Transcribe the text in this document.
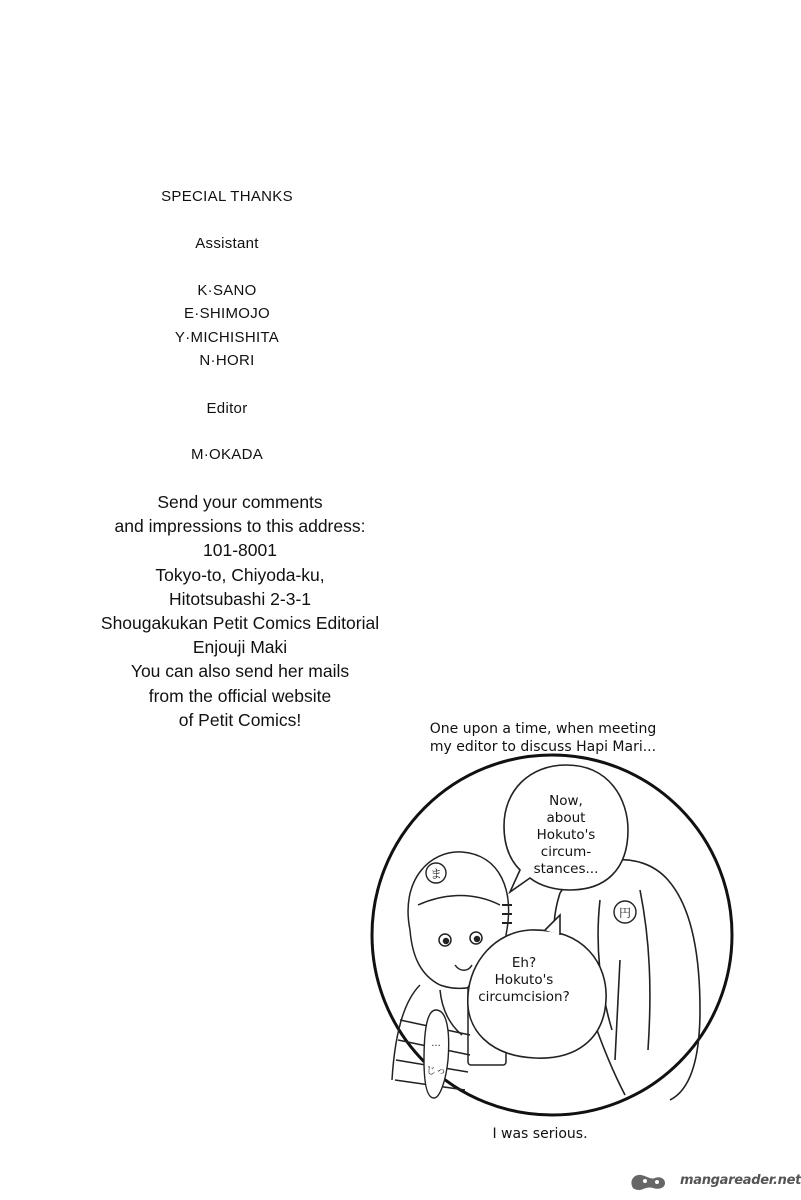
SPECIAL THANKS
Assistant
K·SANO
E·SHIMOJO
Y·MICHISHITA
N·HORI
Editor
M·OKADA
Send your comments
and impressions to this address:
101-8001
Tokyo-to, Chiyoda-ku,
Hitotsubashi 2-3-1
Shougakukan Petit Comics Editorial
Enjouji Maki
You can also send her mails
from the official website
of Petit Comics!
円
ま
...
じっ
One upon a time, when meeting
my editor to discuss Hapi Mari...
Now,
about
Hokuto's
circum-
stances...
Eh?
Hokuto's
circumcision?
I was serious.
mangareader.net
